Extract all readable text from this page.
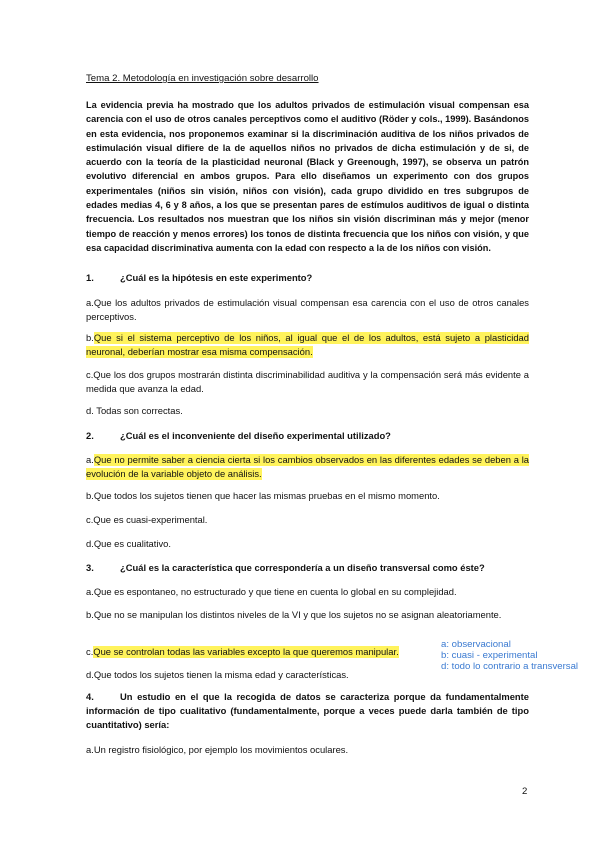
Tema 2. Metodología en investigación sobre desarrollo

La evidencia previa ha mostrado que los adultos privados de estimulación visual compensan esa carencia con el uso de otros canales perceptivos como el auditivo (Röder y cols., 1999). Basándonos en esta evidencia, nos proponemos examinar si la discriminación auditiva de los niños privados de estimulación visual difiere de la de aquellos niños no privados de dicha estimulación y de si, de acuerdo con la teoría de la plasticidad neuronal (Black y Greenough, 1997), se observa un patrón evolutivo diferencial en ambos grupos. Para ello diseñamos un experimento con dos grupos experimentales (niños sin visión, niños con visión), cada grupo dividido en tres subgrupos de edades medias 4, 6 y 8 años, a los que se presentan pares de estímulos auditivos de igual o distinta frecuencia. Los resultados nos muestran que los niños sin visión discriminan más y mejor (menor tiempo de reacción y menos errores) los tonos de distinta frecuencia que los niños con visión, y que esa capacidad discriminativa aumenta con la edad con respecto a la de los niños con visión.

1.	¿Cuál es la hipótesis en este experimento?

a.Que los adultos privados de estimulación visual compensan esa carencia con el uso de otros canales perceptivos.

b.Que si el sistema perceptivo de los niños, al igual que el de los adultos, está sujeto a plasticidad neuronal, deberían mostrar esa misma compensación.

c.Que los dos grupos mostrarán distinta discriminabilidad auditiva y la compensación será más evidente a medida que avanza la edad.

d. Todas son correctas.

2.	¿Cuál es el inconveniente del diseño experimental utilizado?

a.Que no permite saber a ciencia cierta si los cambios observados en las diferentes edades se deben a la evolución de la variable objeto de análisis.

b.Que todos los sujetos tienen que hacer las mismas pruebas en el mismo momento.

c.Que es cuasi-experimental.

d.Que es cualitativo.

3.	¿Cuál es la característica que correspondería a un diseño transversal como éste?

a.Que es espontaneo, no estructurado y que tiene en cuenta lo global en su complejidad.

b.Que no se manipulan los distintos niveles de la VI y que los sujetos no se asignan aleatoriamente.

c.Que se controlan todas las variables excepto la que queremos manipular.

d.Que todos los sujetos tienen la misma edad y características.

a: observacional
b: cuasi - experimental
d: todo lo contrario a transversal

4.	Un estudio en el que la recogida de datos se caracteriza porque da fundamentalmente información de tipo cualitativo (fundamentalmente, porque a veces puede darla también de tipo cuantitativo) sería:

a.Un registro fisiológico, por ejemplo los movimientos oculares.

2
